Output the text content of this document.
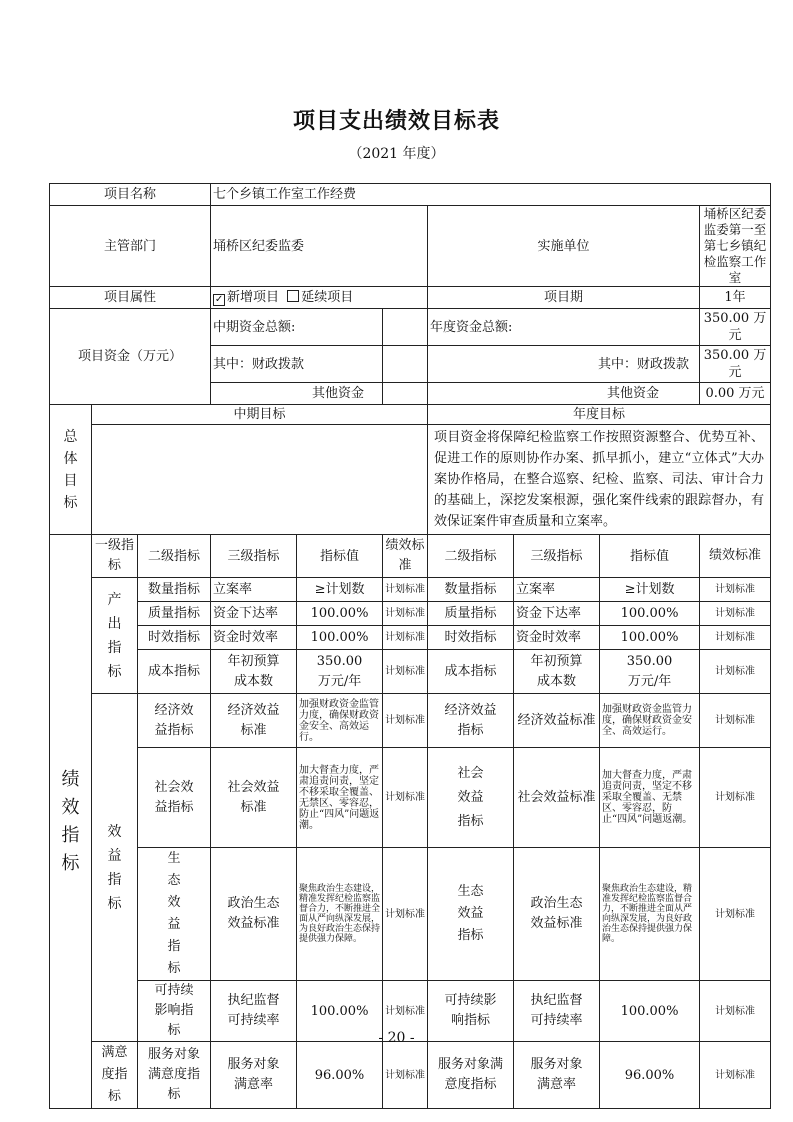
项目支出绩效目标表
（2021 年度）
项目名称			七个乡镇工作室工作经费						
主管部门			埇桥区纪委监委			实施单位			埇桥区纪委监委第一至第七乡镇纪检监察工作室
项目属性			✓ 新增项目 延续项目			项目期			1年
项目资金（万元）			中期资金总额:			年度资金总额:			350.00 万元
			其中：财政拨款			其中：财政拨款			350.00 万元
			其他资金			其他资金			0.00 万元
总体目标	中期目标					年度目标			
						项目资金将保障纪检监察工作按照资源整合、优势互补、促进工作的原则协作办案、抓早抓小，建立“立体式”大办案协作格局，在整合巡察、纪检、监察、司法、审计合力的基础上，深挖发案根源，强化案件线索的跟踪督办，有效保证案件审查质量和立案率。			
绩效指标	一级指标	二级指标	三级指标	指标值	绩效标准	二级指标	三级指标	指标值	绩效标准
	产出指标	数量指标	立案率	≥计划数	计划标准	数量指标	立案率	≥计划数	计划标准
		质量指标	资金下达率	100.00%	计划标准	质量指标	资金下达率	100.00%	计划标准
		时效指标	资金时效率	100.00%	计划标准	时效指标	资金时效率	100.00%	计划标准
		成本指标	年初预算成本数	350.00万元/年	计划标准	成本指标	年初预算成本数	350.00万元/年	计划标准
	效益指标	经济效益指标	经济效益标准	加强财政资金监管力度，确保财政资金安全、高效运行。	计划标准	经济效益指标	经济效益标准	加强财政资金监管力度，确保财政资金安全、高效运行。	计划标准
		社会效益指标	社会效益标准	加大督查力度，严肃追责问责，坚定不移采取全覆盖、无禁区、零容忍，防止“四风”问题返潮。	计划标准	社会效益指标	社会效益标准	加大督查力度，严肃追责问责，坚定不移采取全覆盖、无禁区、零容忍，防止“四风”问题返潮。	计划标准
		生态效益指标	政治生态效益标准	聚焦政治生态建设，精准发挥纪检监察监督合力，不断推进全面从严向纵深发展，为良好政治生态保持提供强力保障。	计划标准	生态效益指标	政治生态效益标准	聚焦政治生态建设，精准发挥纪检监察监督合力，不断推进全面从严向纵深发展，为良好政治生态保持提供强力保障。	计划标准
		可持续影响指标	执纪监督可持续率	100.00%	计划标准	可持续影响指标	执纪监督可持续率	100.00%	计划标准
	满意度指标	服务对象满意度指标	服务对象满意率	96.00%	计划标准	服务对象满意度指标	服务对象满意率	96.00%	计划标准
- 20 -
